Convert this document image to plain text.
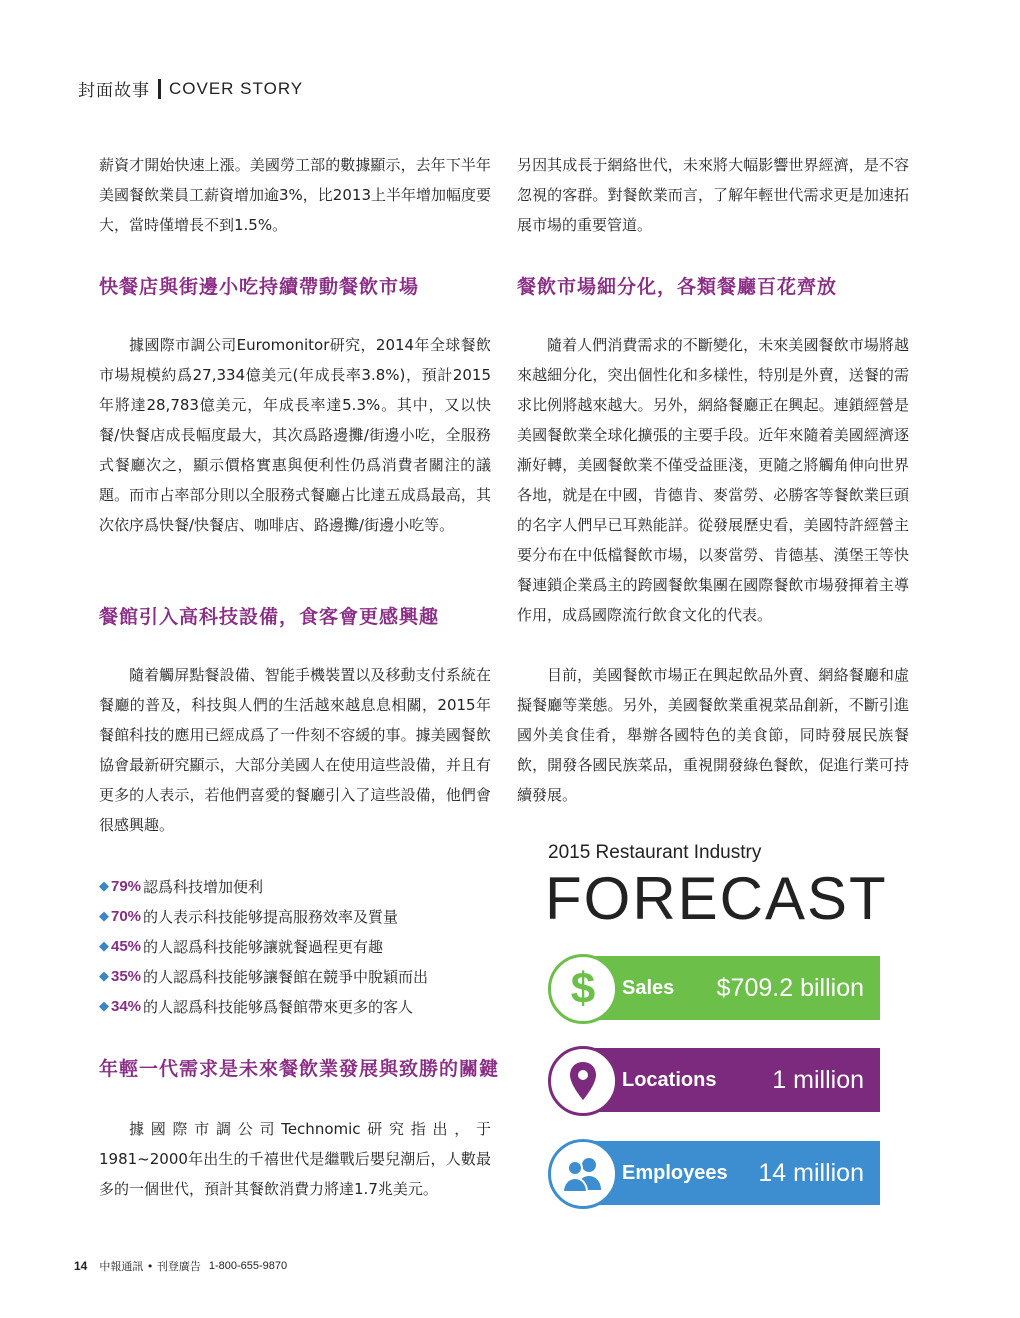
封面故事 COVER STORY

薪資才開始快速上漲。美國勞工部的數據顯示，去年下半年美國餐飲業員工薪資增加逾3%，比2013上半年增加幅度要大，當時僅增長不到1.5%。

快餐店與街邊小吃持續帶動餐飲市場

據國際市調公司Euromonitor研究，2014年全球餐飲市場規模約爲27,334億美元(年成長率3.8%)，預計2015年將達28,783億美元，年成長率達5.3%。其中，又以快餐/快餐店成長幅度最大，其次爲路邊攤/街邊小吃，全服務式餐廳次之，顯示價格實惠與便利性仍爲消費者關注的議題。而市占率部分則以全服務式餐廳占比達五成爲最高，其次依序爲快餐/快餐店、咖啡店、路邊攤/街邊小吃等。

餐館引入高科技設備，食客會更感興趣

隨着觸屏點餐設備、智能手機裝置以及移動支付系統在餐廳的普及，科技與人們的生活越來越息息相關，2015年餐館科技的應用已經成爲了一件刻不容緩的事。據美國餐飲協會最新研究顯示，大部分美國人在使用這些設備，并且有更多的人表示，若他們喜愛的餐廳引入了這些設備，他們會很感興趣。

◆ 79% 認爲科技增加便利
◆ 70% 的人表示科技能够提高服務效率及質量
◆ 45% 的人認爲科技能够讓就餐過程更有趣
◆ 35% 的人認爲科技能够讓餐館在競爭中脫穎而出
◆ 34% 的人認爲科技能够爲餐館帶來更多的客人
年輕一代需求是未來餐飲業發展與致勝的關鍵

據國際市調公司Technomic研究指出，于1981~2000年出生的千禧世代是繼戰后嬰兒潮后，人數最多的一個世代，預計其餐飲消費力將達1.7兆美元。

另因其成長于網絡世代，未來將大幅影響世界經濟，是不容忽視的客群。對餐飲業而言，了解年輕世代需求更是加速拓展市場的重要管道。

餐飲市場細分化，各類餐廳百花齊放

隨着人們消費需求的不斷變化，未來美國餐飲市場將越來越細分化，突出個性化和多樣性，特別是外賣，送餐的需求比例將越來越大。另外，網絡餐廳正在興起。連鎖經營是美國餐飲業全球化擴張的主要手段。近年來隨着美國經濟逐漸好轉，美國餐飲業不僅受益匪淺，更隨之將觸角伸向世界各地，就是在中國，肯德肯、麥當勞、必勝客等餐飲業巨頭的名字人們早已耳熟能詳。從發展歷史看，美國特許經營主要分布在中低檔餐飲市場，以麥當勞、肯德基、漢堡王等快餐連鎖企業爲主的跨國餐飲集團在國際餐飲市場發揮着主導作用，成爲國際流行飲食文化的代表。

目前，美國餐飲市場正在興起飲品外賣、網絡餐廳和虛擬餐廳等業態。另外，美國餐飲業重視菜品創新，不斷引進國外美食佳肴，舉辦各國特色的美食節，同時發展民族餐飲，開發各國民族菜品，重視開發綠色餐飲，促進行業可持續發展。

2015 Restaurant Industry
FORECAST
$ Sales $709.2 billion
Locations 1 million
Employees 14 million
14 中報通訊 • 刊登廣告 1-800-655-9870
